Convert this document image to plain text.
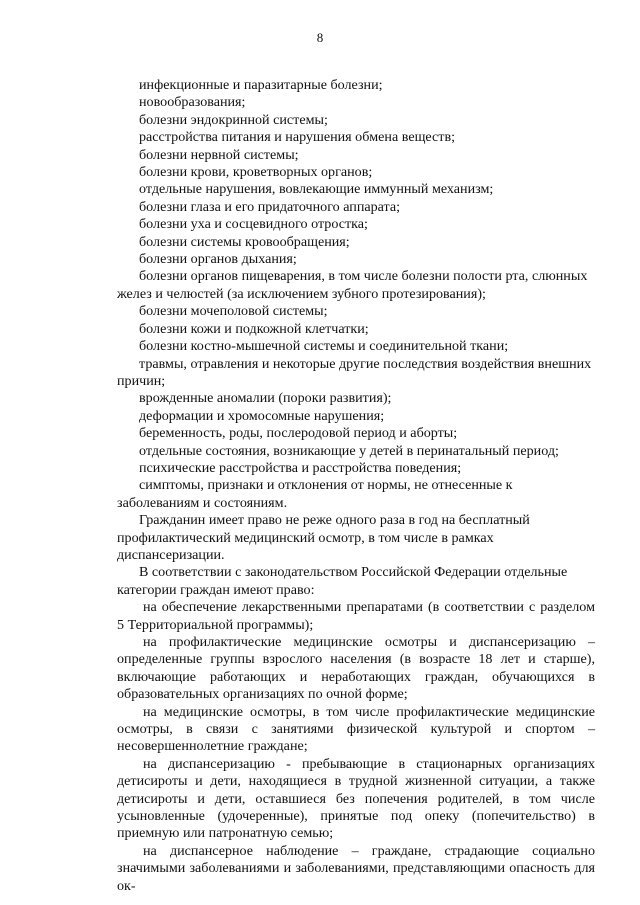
8

инфекционные и паразитарные болезни;

новообразования;

болезни эндокринной системы;

расстройства питания и нарушения обмена веществ;

болезни нервной системы;

болезни крови, кроветворных органов;

отдельные нарушения, вовлекающие иммунный механизм;

болезни глаза и его придаточного аппарата;

болезни уха и сосцевидного отростка;

болезни системы кровообращения;

болезни органов дыхания;

болезни органов пищеварения, в том числе болезни полости рта, слюнных желез и челюстей (за исключением зубного протезирования);

болезни мочеполовой системы;

болезни кожи и подкожной клетчатки;

болезни костно-мышечной системы и соединительной ткани;

травмы, отравления и некоторые другие последствия воздействия внешних причин;

врожденные аномалии (пороки развития);

деформации и хромосомные нарушения;

беременность, роды, послеродовой период и аборты;

отдельные состояния, возникающие у детей в перинатальный период;

психические расстройства и расстройства поведения;

симптомы, признаки и отклонения от нормы, не отнесенные к заболеваниям и состояниям.

Гражданин имеет право не реже одного раза в год на бесплатный профилактический медицинский осмотр, в том числе в рамках диспансеризации.

В соответствии с законодательством Российской Федерации отдельные категории граждан имеют право:

на обеспечение лекарственными препаратами (в соответствии с разделом 5 Территориальной программы);

на профилактические медицинские осмотры и диспансеризацию – определенные группы взрослого населения (в возрасте 18 лет и старше), включающие работающих и неработающих граждан, обучающихся в образовательных организациях по очной форме;

на медицинские осмотры, в том числе профилактические медицинские осмотры, в связи с занятиями физической культурой и спортом – несовершеннолетние граждане;

на диспансеризацию - пребывающие в стационарных организациях детисироты и дети, находящиеся в трудной жизненной ситуации, а также детисироты и дети, оставшиеся без попечения родителей, в том числе усыновленные (удочеренные), принятые под опеку (попечительство) в приемную или патронатную семью;

на диспансерное наблюдение – граждане, страдающие социально значимыми заболеваниями и заболеваниями, представляющими опасность для ок-
